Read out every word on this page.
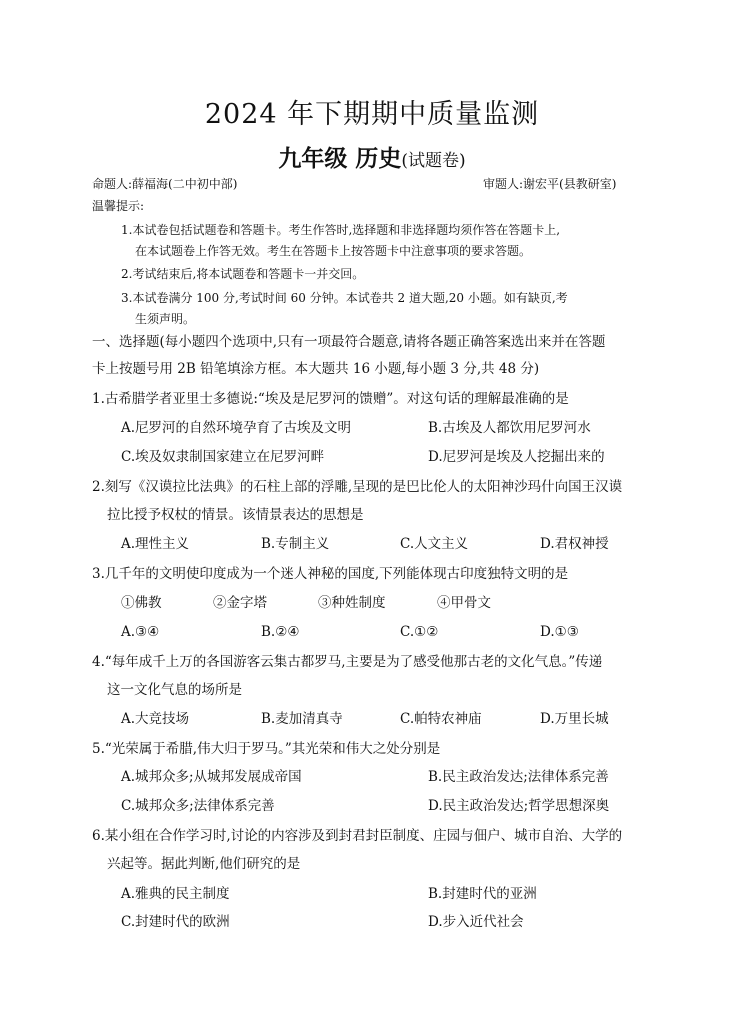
2024 年下期期中质量监测
九年级 历史(试题卷)
命题人:薛福海(二中初中部)	审题人:谢宏平(县教研室)
温馨提示:
1.本试卷包括试题卷和答题卡。考生作答时,选择题和非选择题均须作答在答题卡上,
在本试题卷上作答无效。考生在答题卡上按答题卡中注意事项的要求答题。
2.考试结束后,将本试题卷和答题卡一并交回。
3.本试卷满分 100 分,考试时间 60 分钟。本试卷共 2 道大题,20 小题。如有缺页,考
生须声明。
一、选择题(每小题四个选项中,只有一项最符合题意,请将各题正确答案选出来并在答题
卡上按题号用 2B 铅笔填涂方框。本大题共 16 小题,每小题 3 分,共 48 分)
1.古希腊学者亚里士多德说:“埃及是尼罗河的馈赠”。对这句话的理解最准确的是
A.尼罗河的自然环境孕育了古埃及文明	B.古埃及人都饮用尼罗河水
C.埃及奴隶制国家建立在尼罗河畔	D.尼罗河是埃及人挖掘出来的
2.刻写《汉谟拉比法典》的石柱上部的浮雕,呈现的是巴比伦人的太阳神沙玛什向国王汉谟
拉比授予权杖的情景。该情景表达的思想是
A.理性主义	B.专制主义	C.人文主义	D.君权神授
3.几千年的文明使印度成为一个迷人神秘的国度,下列能体现古印度独特文明的是
①佛教	②金字塔	③种姓制度	④甲骨文
A.③④	B.②④	C.①②	D.①③
4.“每年成千上万的各国游客云集古都罗马,主要是为了感受他那古老的文化气息。”传递
这一文化气息的场所是
A.大竞技场	B.麦加清真寺	C.帕特农神庙	D.万里长城
5.“光荣属于希腊,伟大归于罗马。”其光荣和伟大之处分别是
A.城邦众多;从城邦发展成帝国	B.民主政治发达;法律体系完善
C.城邦众多;法律体系完善	D.民主政治发达;哲学思想深奥
6.某小组在合作学习时,讨论的内容涉及到封君封臣制度、庄园与佃户、城市自治、大学的
兴起等。据此判断,他们研究的是
A.雅典的民主制度	B.封建时代的亚洲
C.封建时代的欧洲	D.步入近代社会
